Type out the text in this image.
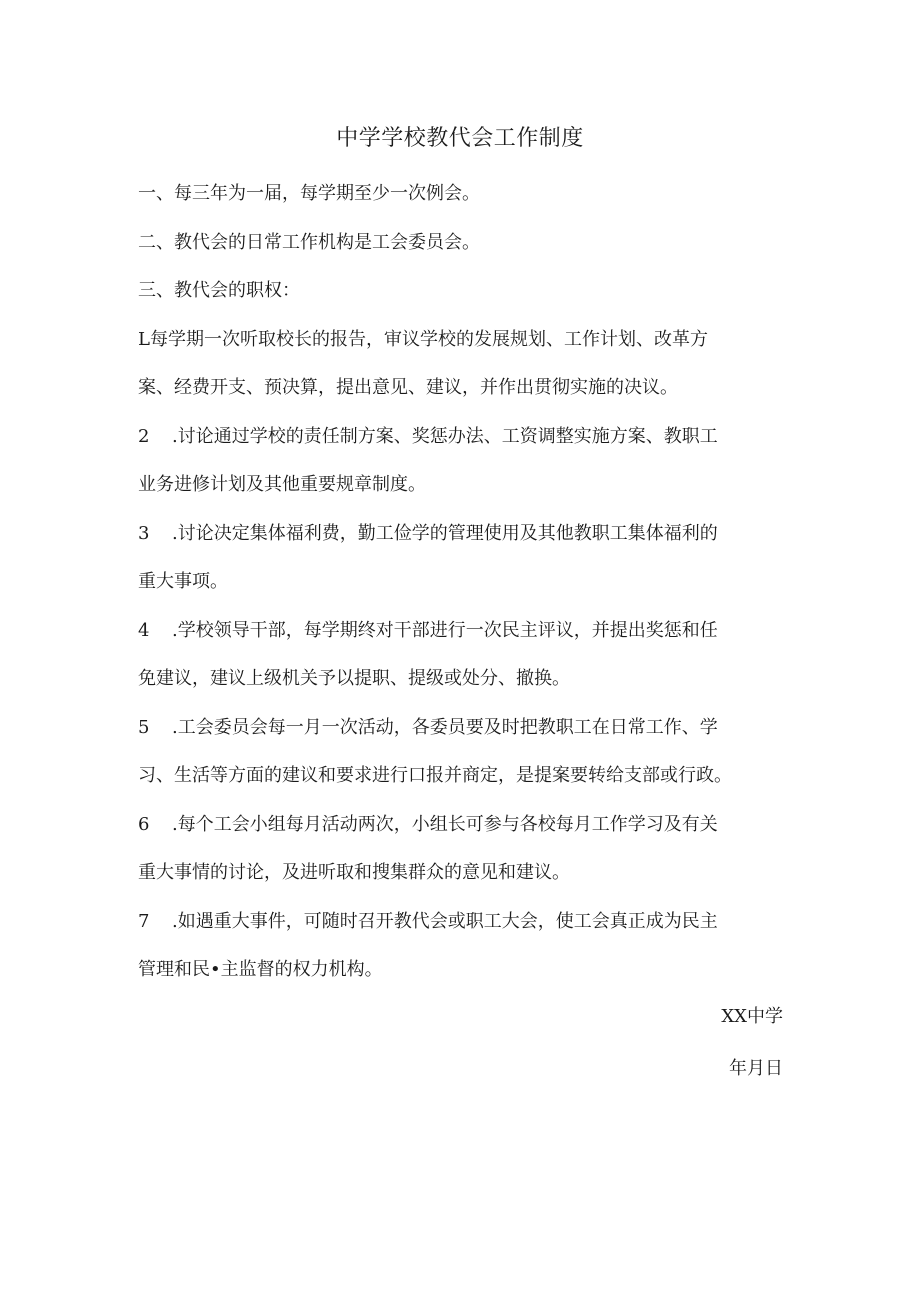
中学学校教代会工作制度
一、每三年为一届，每学期至少一次例会。
二、教代会的日常工作机构是工会委员会。
三、教代会的职权：
L每学期一次听取校长的报告，审议学校的发展规划、工作计划、改革方
案、经费开支、预决算，提出意见、建议，并作出贯彻实施的决议。
2 .讨论通过学校的责任制方案、奖惩办法、工资调整实施方案、教职工
业务进修计划及其他重要规章制度。
3 .讨论决定集体福利费，勤工俭学的管理使用及其他教职工集体福利的
重大事项。
4 .学校领导干部，每学期终对干部进行一次民主评议，并提出奖惩和任
免建议，建议上级机关予以提职、提级或处分、撤换。
5 .工会委员会每一月一次活动，各委员要及时把教职工在日常工作、学
习、生活等方面的建议和要求进行口报并商定，是提案要转给支部或行政。
6 .每个工会小组每月活动两次，小组长可参与各校每月工作学习及有关
重大事情的讨论，及进听取和搜集群众的意见和建议。
7 .如遇重大事件，可随时召开教代会或职工大会，使工会真正成为民主
管理和民•主监督的权力机构。
XX中学
年月日
